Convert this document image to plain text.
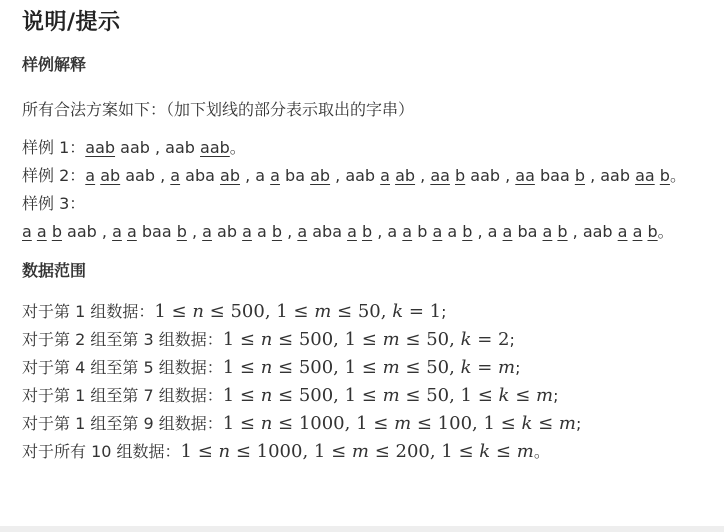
说明/提示
样例解释

所有合法方案如下：（加下划线的部分表示取出的字串）

样例 1：aab aab , aab aab。

样例 2：a ab aab , a aba ab , a a ba ab , aab a ab , aa b aab , aa baa b , aab aa b。

样例 3：

a a b aab , a a baa b , a ab a a b , a aba a b , a a b a a b , a a ba a b , aab a a b。

数据范围

对于第 1 组数据：1 ≤ n ≤ 500, 1 ≤ m ≤ 50, k = 1;

对于第 2 组至第 3 组数据：1 ≤ n ≤ 500, 1 ≤ m ≤ 50, k = 2;

对于第 4 组至第 5 组数据：1 ≤ n ≤ 500, 1 ≤ m ≤ 50, k = m;

对于第 1 组至第 7 组数据：1 ≤ n ≤ 500, 1 ≤ m ≤ 50, 1 ≤ k ≤ m;

对于第 1 组至第 9 组数据：1 ≤ n ≤ 1000, 1 ≤ m ≤ 100, 1 ≤ k ≤ m;

对于所有 10 组数据：1 ≤ n ≤ 1000, 1 ≤ m ≤ 200, 1 ≤ k ≤ m。
